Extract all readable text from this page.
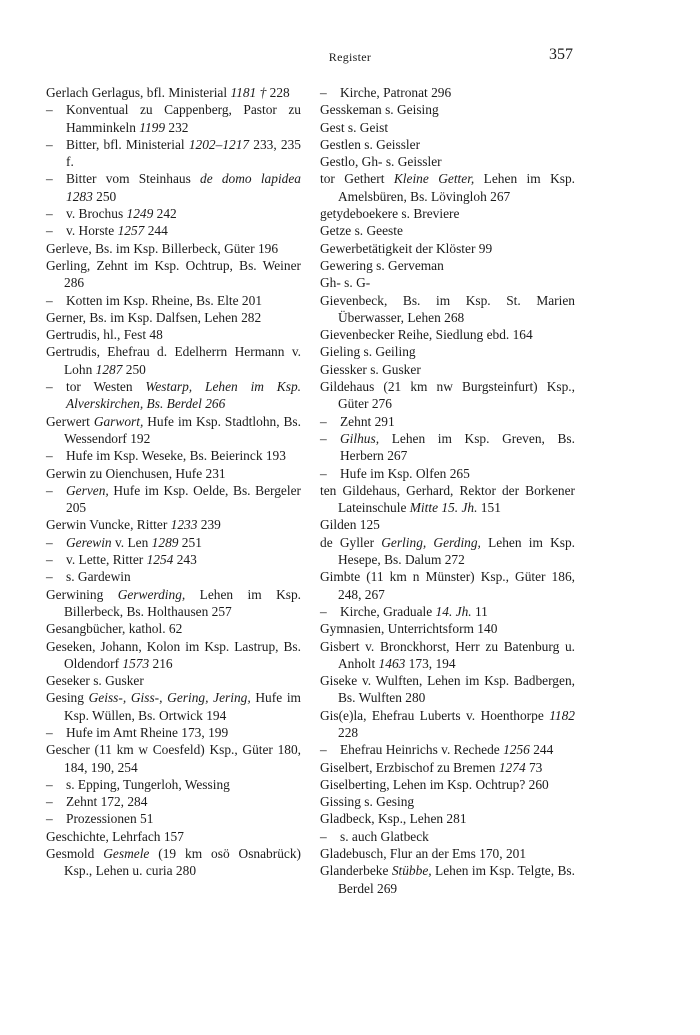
Register	357
Gerlach Gerlagus, bfl. Ministerial 1181 † 228
– Konventual zu Cappenberg, Pastor zu Hamminkeln 1199 232
– Bitter, bfl. Ministerial 1202–1217 233, 235 f.
– Bitter vom Steinhaus de domo lapidea 1283 250
– v. Brochus 1249 242
– v. Horste 1257 244
Gerleve, Bs. im Ksp. Billerbeck, Güter 196
Gerling, Zehnt im Ksp. Ochtrup, Bs. Weiner 286
– Kotten im Ksp. Rheine, Bs. Elte 201
Gerner, Bs. im Ksp. Dalfsen, Lehen 282
Gertrudis, hl., Fest 48
Gertrudis, Ehefrau d. Edelherrn Hermann v. Lohn 1287 250
– tor Westen Westarp, Lehen im Ksp. Alverskirchen, Bs. Berdel 266
Gerwert Garwort, Hufe im Ksp. Stadtlohn, Bs. Wessendorf 192
– Hufe im Ksp. Weseke, Bs. Beierinck 193
Gerwin zu Oienchusen, Hufe 231
– Gerven, Hufe im Ksp. Oelde, Bs. Bergeler 205
Gerwin Vuncke, Ritter 1233 239
– Gerewin v. Len 1289 251
– v. Lette, Ritter 1254 243
– s. Gardewin
Gerwining Gerwerding, Lehen im Ksp. Billerbeck, Bs. Holthausen 257
Gesangbücher, kathol. 62
Geseken, Johann, Kolon im Ksp. Lastrup, Bs. Oldendorf 1573 216
Geseker s. Gusker
Gesing Geiss-, Giss-, Gering, Jering, Hufe im Ksp. Wüllen, Bs. Ortwick 194
– Hufe im Amt Rheine 173, 199
Gescher (11 km w Coesfeld) Ksp., Güter 180, 184, 190, 254
– s. Epping, Tungerloh, Wessing
– Zehnt 172, 284
– Prozessionen 51
Geschichte, Lehrfach 157
Gesmold Gesmele (19 km osö Osnabrück) Ksp., Lehen u. curia 280
– Kirche, Patronat 296
Gesskeman s. Geising
Gest s. Geist
Gestlen s. Geissler
Gestlo, Gh- s. Geissler
tor Gethert Kleine Getter, Lehen im Ksp. Amelsbüren, Bs. Lövingloh 267
getydeboekere s. Breviere
Getze s. Geeste
Gewerbetätigkeit der Klöster 99
Gewering s. Gerveman
Gh- s. G-
Gievenbeck, Bs. im Ksp. St. Marien Überwasser, Lehen 268
Gievenbecker Reihe, Siedlung ebd. 164
Gieling s. Geiling
Giessker s. Gusker
Gildehaus (21 km nw Burgsteinfurt) Ksp., Güter 276
– Zehnt 291
– Gilhus, Lehen im Ksp. Greven, Bs. Herbern 267
– Hufe im Ksp. Olfen 265
ten Gildehaus, Gerhard, Rektor der Borkener Lateinschule Mitte 15. Jh. 151
Gilden 125
de Gyller Gerling, Gerding, Lehen im Ksp. Hesepe, Bs. Dalum 272
Gimbte (11 km n Münster) Ksp., Güter 186, 248, 267
– Kirche, Graduale 14. Jh. 11
Gymnasien, Unterrichtsform 140
Gisbert v. Bronckhorst, Herr zu Batenburg u. Anholt 1463 173, 194
Giseke v. Wulften, Lehen im Ksp. Badbergen, Bs. Wulften 280
Gis(e)la, Ehefrau Luberts v. Hoenthorpe 1182 228
– Ehefrau Heinrichs v. Rechede 1256 244
Giselbert, Erzbischof zu Bremen 1274 73
Giselberting, Lehen im Ksp. Ochtrup? 260
Gissing s. Gesing
Gladbeck, Ksp., Lehen 281
– s. auch Glatbeck
Gladebusch, Flur an der Ems 170, 201
Glanderbeke Stübbe, Lehen im Ksp. Telgte, Bs. Berdel 269
